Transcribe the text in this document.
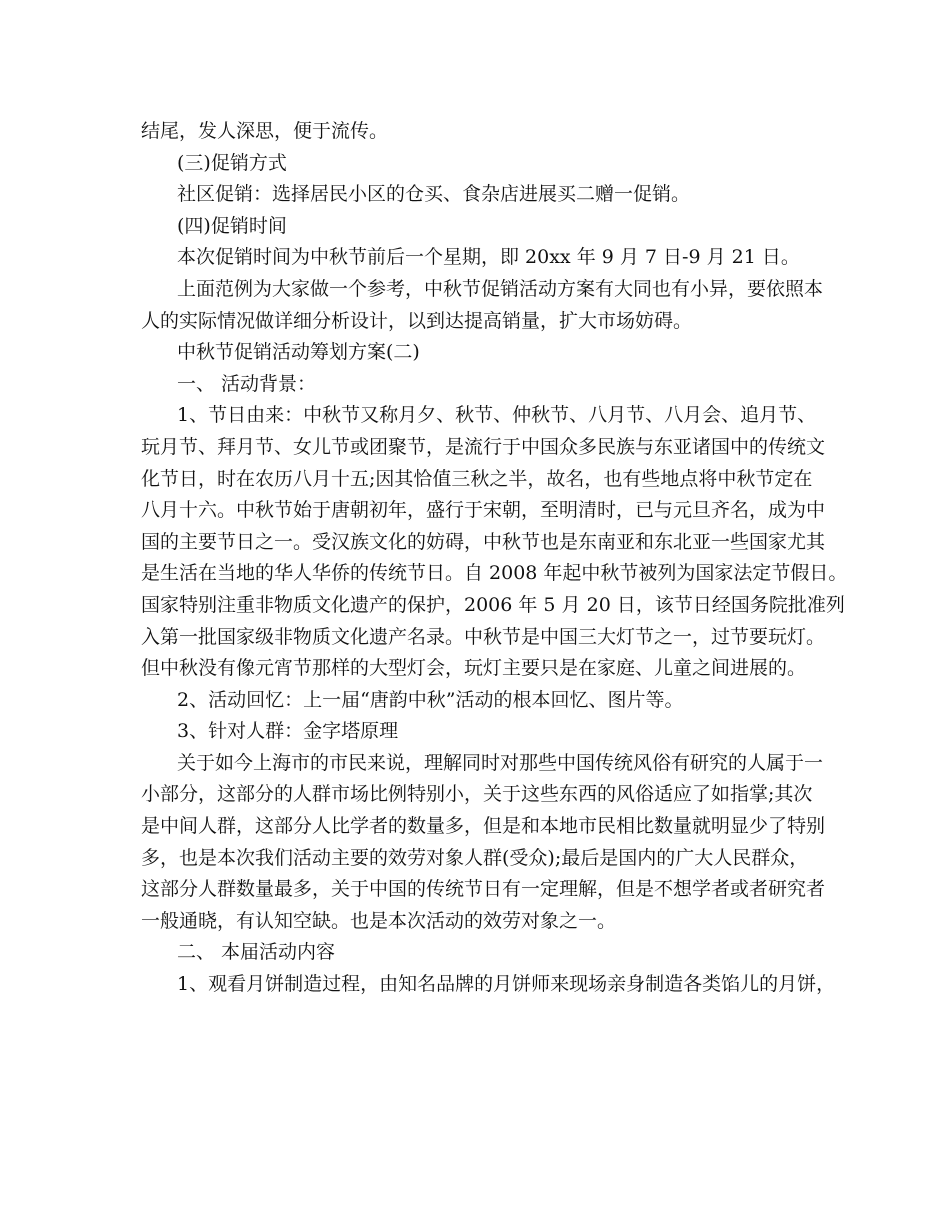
结尾，发人深思，便于流传。
(三)促销方式
社区促销：选择居民小区的仓买、食杂店进展买二赠一促销。
(四)促销时间
本次促销时间为中秋节前后一个星期，即 20xx 年 9 月 7 日-9 月 21 日。
上面范例为大家做一个参考，中秋节促销活动方案有大同也有小异，要依照本
人的实际情况做详细分析设计，以到达提高销量，扩大市场妨碍。
中秋节促销活动筹划方案(二)
一、 活动背景：
1、节日由来：中秋节又称月夕、秋节、仲秋节、八月节、八月会、追月节、
玩月节、拜月节、女儿节或团聚节，是流行于中国众多民族与东亚诸国中的传统文
化节日，时在农历八月十五;因其恰值三秋之半，故名，也有些地点将中秋节定在
八月十六。中秋节始于唐朝初年，盛行于宋朝，至明清时，已与元旦齐名，成为中
国的主要节日之一。受汉族文化的妨碍，中秋节也是东南亚和东北亚一些国家尤其
是生活在当地的华人华侨的传统节日。自 2008 年起中秋节被列为国家法定节假日。
国家特别注重非物质文化遗产的保护，2006 年 5 月 20 日，该节日经国务院批准列
入第一批国家级非物质文化遗产名录。中秋节是中国三大灯节之一，过节要玩灯。
但中秋没有像元宵节那样的大型灯会，玩灯主要只是在家庭、儿童之间进展的。
2、活动回忆：上一届“唐韵中秋”活动的根本回忆、图片等。
3、针对人群：金字塔原理
关于如今上海市的市民来说，理解同时对那些中国传统风俗有研究的人属于一
小部分，这部分的人群市场比例特别小，关于这些东西的风俗适应了如指掌;其次
是中间人群，这部分人比学者的数量多，但是和本地市民相比数量就明显少了特别
多，也是本次我们活动主要的效劳对象人群(受众);最后是国内的广大人民群众，
这部分人群数量最多，关于中国的传统节日有一定理解，但是不想学者或者研究者
一般通晓，有认知空缺。也是本次活动的效劳对象之一。
二、 本届活动内容
1、观看月饼制造过程，由知名品牌的月饼师来现场亲身制造各类馅儿的月饼，
